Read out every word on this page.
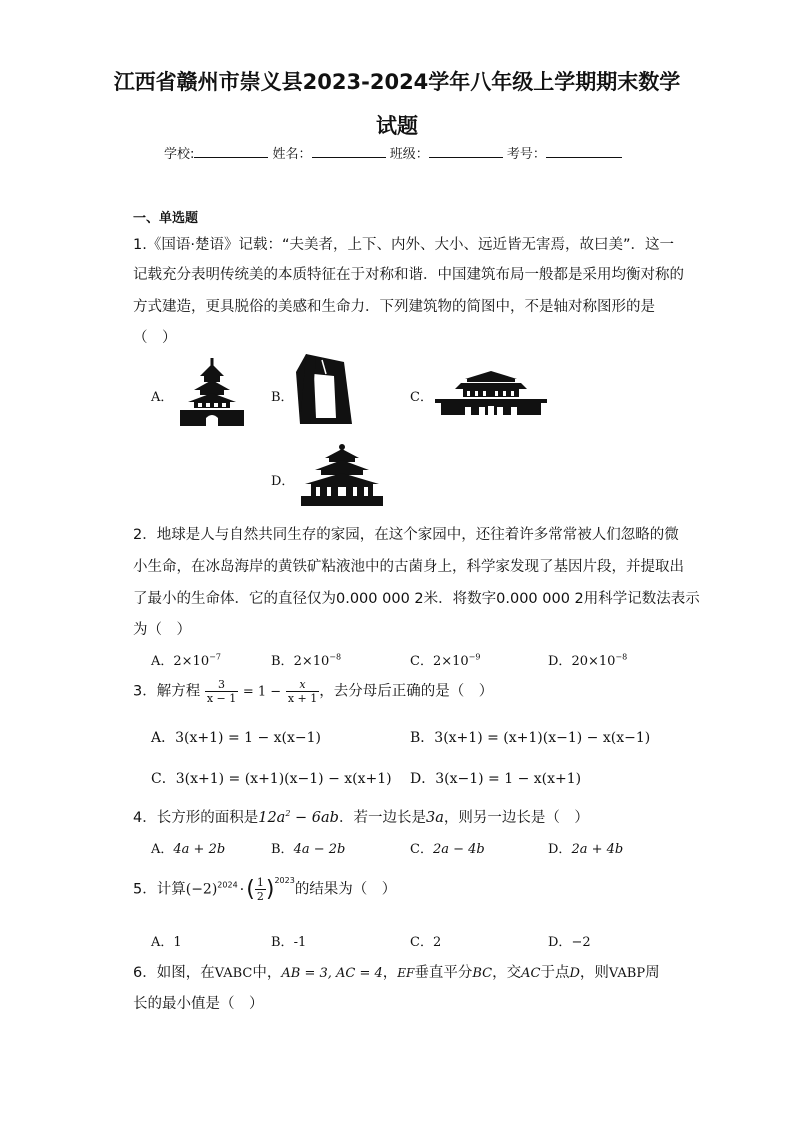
江西省赣州市崇义县2023-2024学年八年级上学期期末数学
试题
学校:	姓名：	班级：	考号：
一、单选题
1.《国语·楚语》记载：“夫美者，上下、内外、大小、远近皆无害焉，故曰美”．这一
记载充分表明传统美的本质特征在于对称和谐．中国建筑布局一般都是采用均衡对称的
方式建造，更具脱俗的美感和生命力．下列建筑物的简图中，不是轴对称图形的是
（　）
A．	B．	C．
D．
2．地球是人与自然共同生存的家园，在这个家园中，还往着许多常常被人们忽略的微
小生命，在冰岛海岸的黄铁矿粘液池中的古菌身上，科学家发现了基因片段，并提取出
了最小的生命体．它的直径仅为0.000 000 2米．将数字0.000 000 2用科学记数法表示
为（　）
A．$2\times 10^{-7}$	B．$2\times 10^{-8}$	C．$2\times 10^{-9}$	D．$20\times 10^{-8}$
3．解方程 $\frac{3}{x - 1} = 1 - \frac{x}{x + 1}$ ，去分母后正确的是（　）
A．3(x+1) = 1 − x(x−1)	B．3(x+1) = (x+1)(x−1) − x(x−1)
C．3(x+1) = (x+1)(x−1) − x(x+1) D．3(x−1) = 1 − x(x+1)
4．长方形的面积是$12a^2 - 6ab$．若一边长是3a，则另一边长是（　）
A．4a + 2b	B．4a − 2b	C．2a − 4b	D．2a + 4b
5．计算$(-2)^{2024}$ ·( $\frac{1}{2} )^{2023}$的结果为（　）
A．1	B．-1	C．2	D．−2
6．如图，在VABC中，AB = 3, AC = 4，EF垂直平分BC，交AC于点D，则VABP周
长的最小值是（　）
